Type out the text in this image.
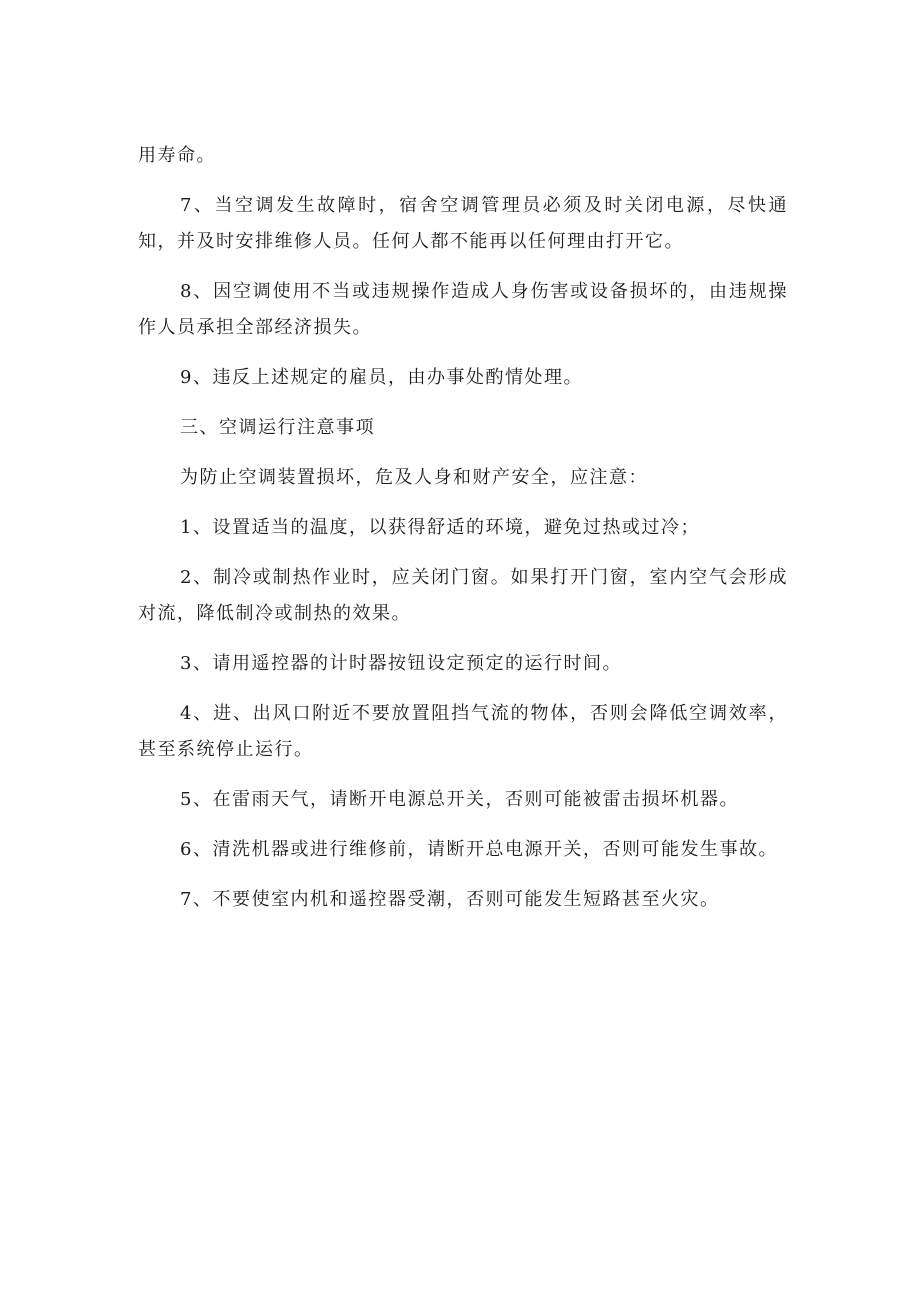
用寿命。

7、当空调发生故障时，宿舍空调管理员必须及时关闭电源，尽快通知，并及时安排维修人员。任何人都不能再以任何理由打开它。

8、因空调使用不当或违规操作造成人身伤害或设备损坏的，由违规操作人员承担全部经济损失。

9、违反上述规定的雇员，由办事处酌情处理。

三、空调运行注意事项

为防止空调装置损坏，危及人身和财产安全，应注意：

1、设置适当的温度，以获得舒适的环境，避免过热或过冷；

2、制冷或制热作业时，应关闭门窗。如果打开门窗，室内空气会形成对流，降低制冷或制热的效果。

3、请用遥控器的计时器按钮设定预定的运行时间。

4、进、出风口附近不要放置阻挡气流的物体，否则会降低空调效率，甚至系统停止运行。

5、在雷雨天气，请断开电源总开关，否则可能被雷击损坏机器。

6、清洗机器或进行维修前，请断开总电源开关，否则可能发生事故。

7、不要使室内机和遥控器受潮，否则可能发生短路甚至火灾。
